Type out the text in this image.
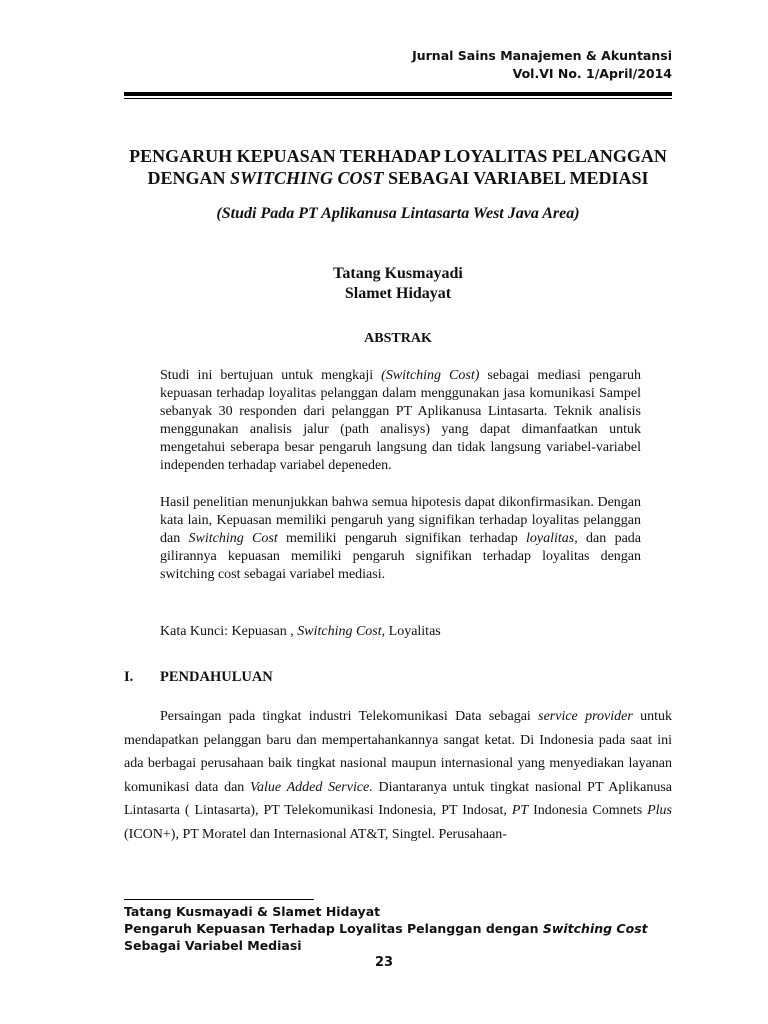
Jurnal Sains Manajemen & Akuntansi
Vol.VI No. 1/April/2014
PENGARUH KEPUASAN TERHADAP LOYALITAS PELANGGAN
DENGAN SWITCHING COST SEBAGAI VARIABEL MEDIASI
(Studi Pada PT Aplikanusa Lintasarta West Java Area)
Tatang Kusmayadi
Slamet Hidayat
ABSTRAK
Studi ini bertujuan untuk mengkaji (Switching Cost) sebagai mediasi pengaruh kepuasan terhadap loyalitas pelanggan dalam menggunakan jasa komunikasi Sampel sebanyak 30 responden dari pelanggan PT Aplikanusa Lintasarta. Teknik analisis menggunakan analisis jalur (path analisys) yang dapat dimanfaatkan untuk mengetahui seberapa besar pengaruh langsung dan tidak langsung variabel-variabel independen terhadap variabel depeneden.
Hasil penelitian menunjukkan bahwa semua hipotesis dapat dikonfirmasikan. Dengan kata lain, Kepuasan memiliki pengaruh yang signifikan terhadap loyalitas pelanggan dan Switching Cost memiliki pengaruh signifikan terhadap loyalitas, dan pada gilirannya kepuasan memiliki pengaruh signifikan terhadap loyalitas dengan switching cost sebagai variabel mediasi.
Kata Kunci: Kepuasan , Switching Cost, Loyalitas
I. PENDAHULUAN
Persaingan pada tingkat industri Telekomunikasi Data sebagai service provider untuk mendapatkan pelanggan baru dan mempertahankannya sangat ketat. Di Indonesia pada saat ini ada berbagai perusahaan baik tingkat nasional maupun internasional yang menyediakan layanan komunikasi data dan Value Added Service. Diantaranya untuk tingkat nasional PT Aplikanusa Lintasarta ( Lintasarta), PT Telekomunikasi Indonesia, PT Indosat, PT Indonesia Comnets Plus (ICON+), PT Moratel dan Internasional AT&T, Singtel. Perusahaan-
Tatang Kusmayadi & Slamet Hidayat
Pengaruh Kepuasan Terhadap Loyalitas Pelanggan dengan Switching Cost
Sebagai Variabel Mediasi
23
